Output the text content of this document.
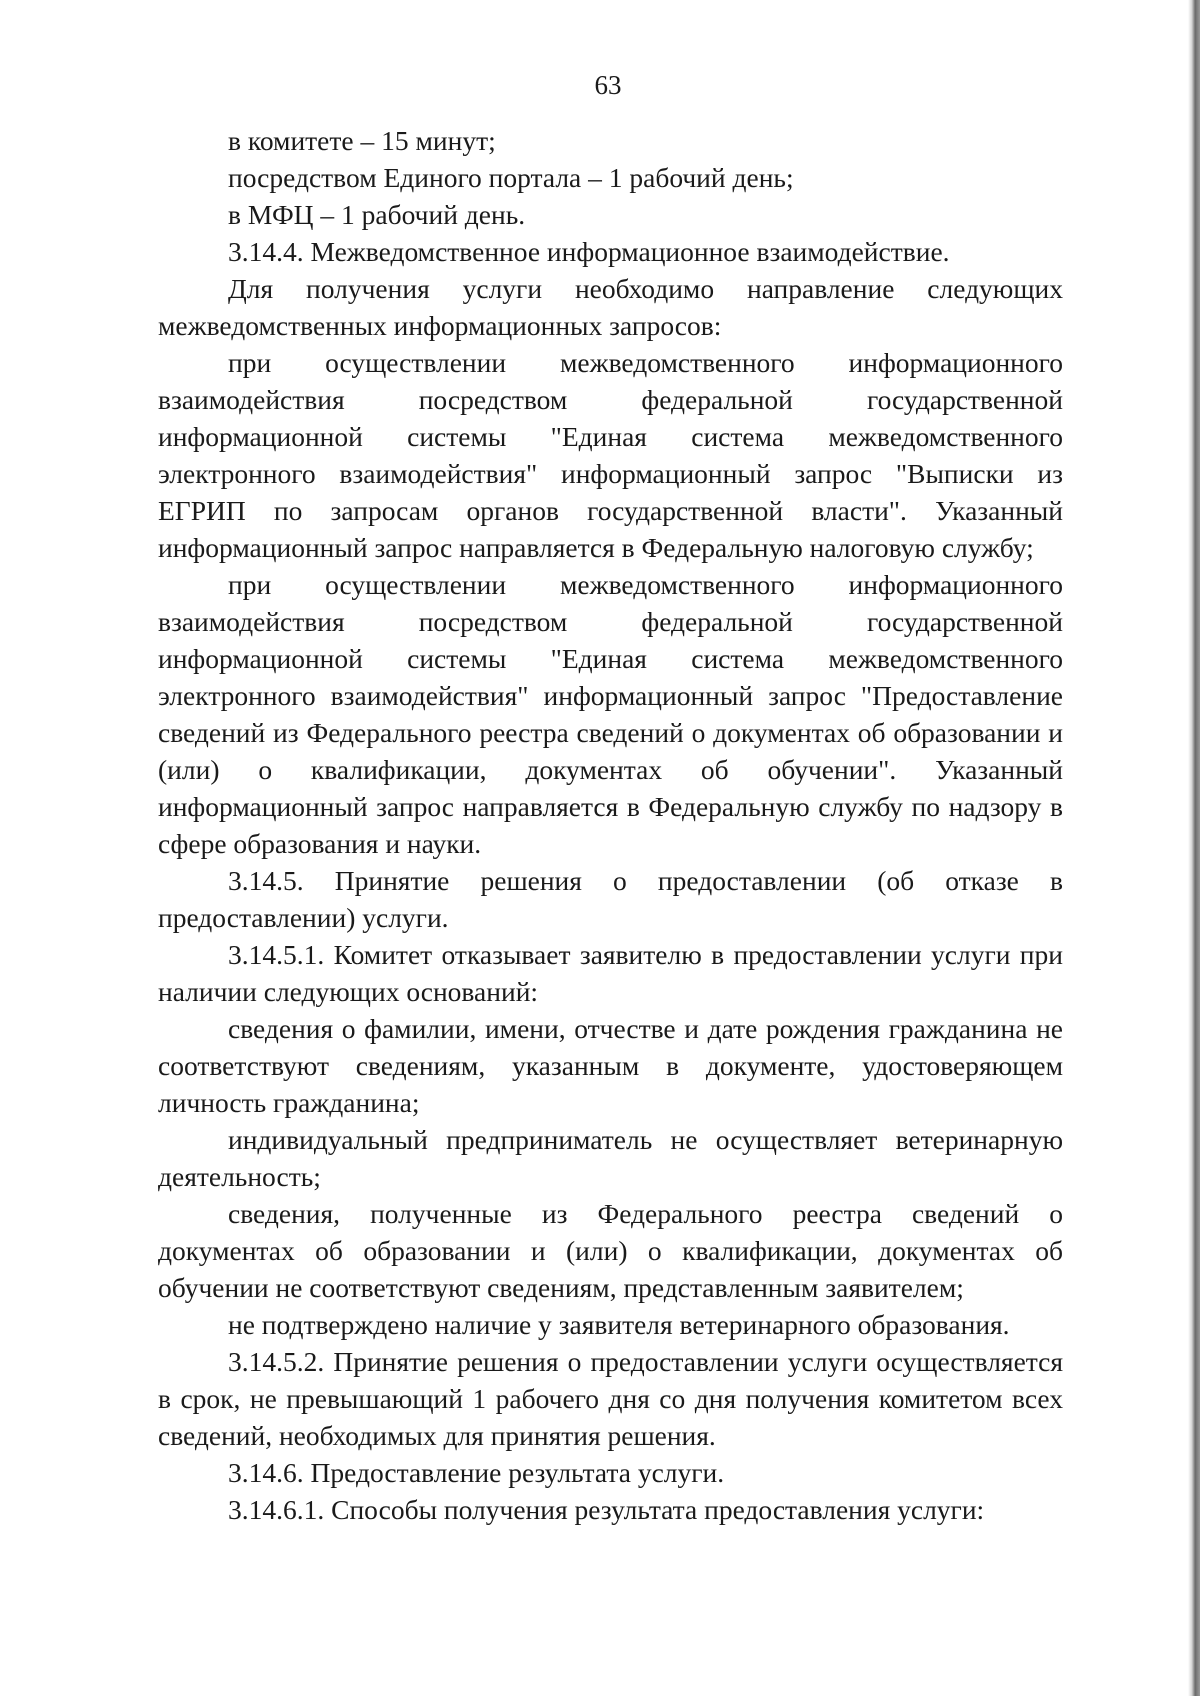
63

в комитете – 15 минут;

посредством Единого портала – 1 рабочий день;

в МФЦ – 1 рабочий день.

3.14.4. Межведомственное информационное взаимодействие.

Для получения услуги необходимо направление следующих межведомственных информационных запросов:

при осуществлении межведомственного информационного взаимодействия посредством федеральной государственной информационной системы "Единая система межведомственного электронного взаимодействия" информационный запрос "Выписки из ЕГРИП по запросам органов государственной власти". Указанный информационный запрос направляется в Федеральную налоговую службу;

при осуществлении межведомственного информационного взаимодействия посредством федеральной государственной информационной системы "Единая система межведомственного электронного взаимодействия" информационный запрос "Предоставление сведений из Федерального реестра сведений о документах об образовании и (или) о квалификации, документах об обучении". Указанный информационный запрос направляется в Федеральную службу по надзору в сфере образования и науки.

3.14.5. Принятие решения о предоставлении (об отказе в предоставлении) услуги.

3.14.5.1. Комитет отказывает заявителю в предоставлении услуги при наличии следующих оснований:

сведения о фамилии, имени, отчестве и дате рождения гражданина не соответствуют сведениям, указанным в документе, удостоверяющем личность гражданина;

индивидуальный предприниматель не осуществляет ветеринарную деятельность;

сведения, полученные из Федерального реестра сведений о документах об образовании и (или) о квалификации, документах об обучении не соответствуют сведениям, представленным заявителем;

не подтверждено наличие у заявителя ветеринарного образования.

3.14.5.2. Принятие решения о предоставлении услуги осуществляется в срок, не превышающий 1 рабочего дня со дня получения комитетом всех сведений, необходимых для принятия решения.

3.14.6. Предоставление результата услуги.

3.14.6.1. Способы получения результата предоставления услуги:
